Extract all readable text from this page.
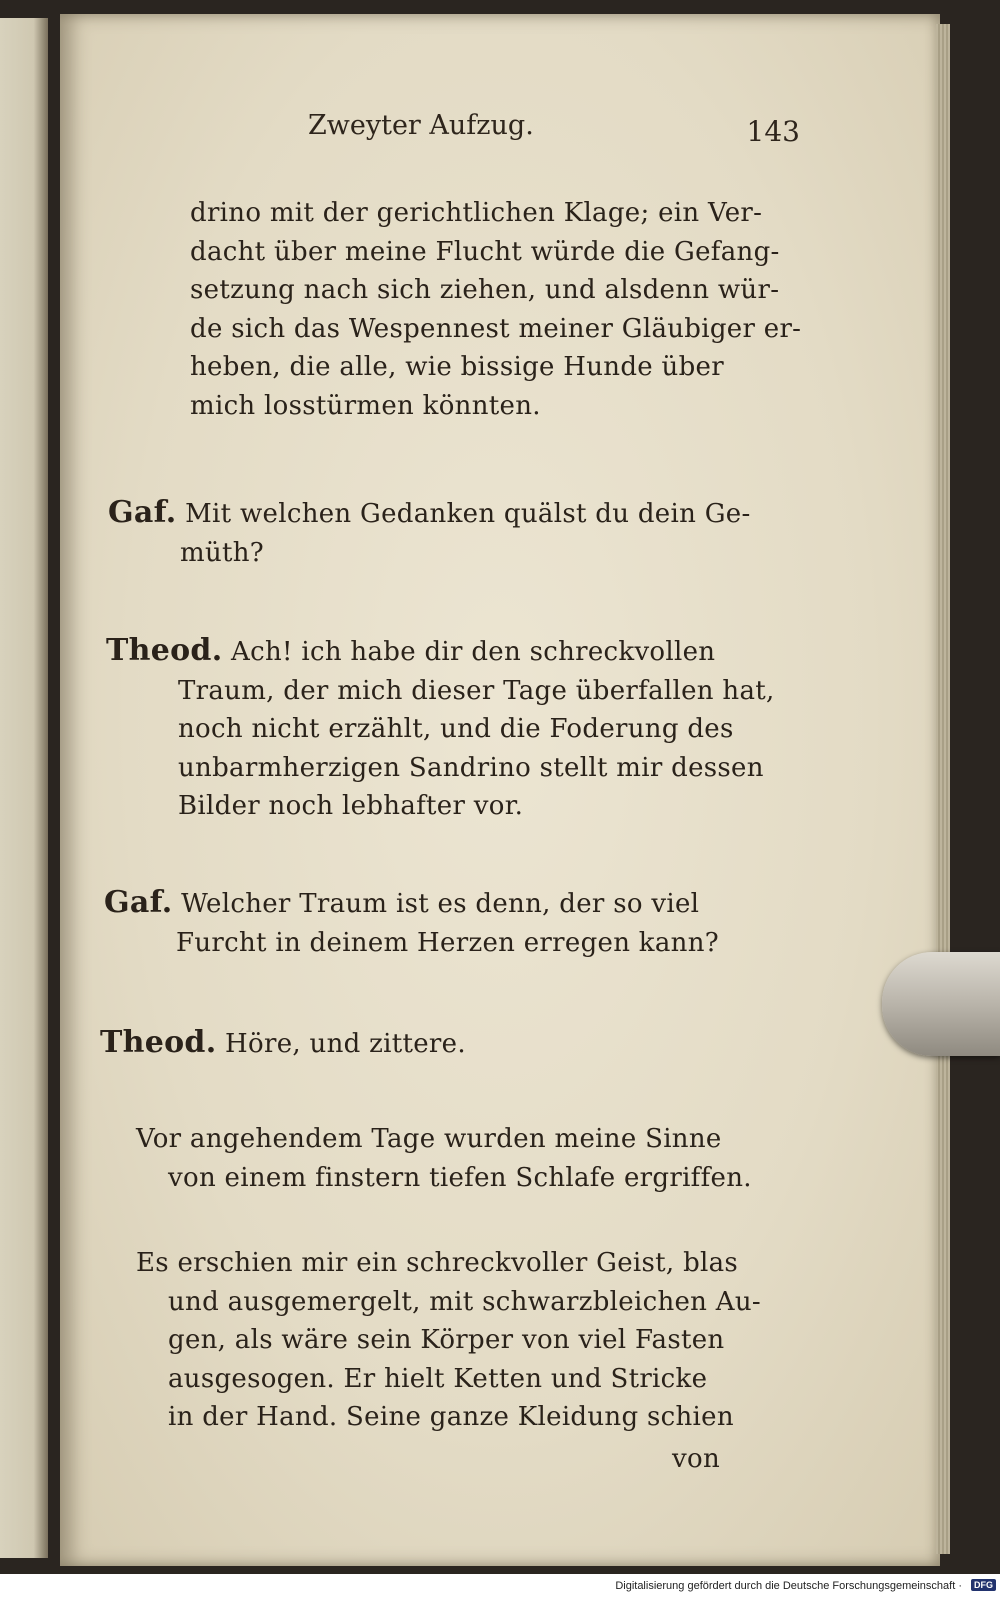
Zweyter Aufzug.	143
drino mit der gerichtlichen Klage; ein Ver-
dacht über meine Flucht würde die Gefang-
setzung nach sich ziehen, und alsdenn wür-
de sich das Wespennest meiner Gläubiger er-
heben, die alle, wie bissige Hunde über
mich losstürmen könnten.
Gaf. Mit welchen Gedanken quälst du dein Ge-
müth?
Theod. Ach! ich habe dir den schreckvollen
Traum, der mich dieser Tage überfallen hat,
noch nicht erzählt, und die Foderung des
unbarmherzigen Sandrino stellt mir dessen
Bilder noch lebhafter vor.
Gaf. Welcher Traum ist es denn, der so viel
Furcht in deinem Herzen erregen kann?
Theod. Höre, und zittere.
Vor angehendem Tage wurden meine Sinne
von einem finstern tiefen Schlafe ergriffen.
Es erschien mir ein schreckvoller Geist, blas
und ausgemergelt, mit schwarzbleichen Au-
gen, als wäre sein Körper von viel Fasten
ausgesogen. Er hielt Ketten und Stricke
in der Hand. Seine ganze Kleidung schien
von
Digitalisierung gefördert durch die Deutsche Forschungsgemeinschaft ·	DFG
